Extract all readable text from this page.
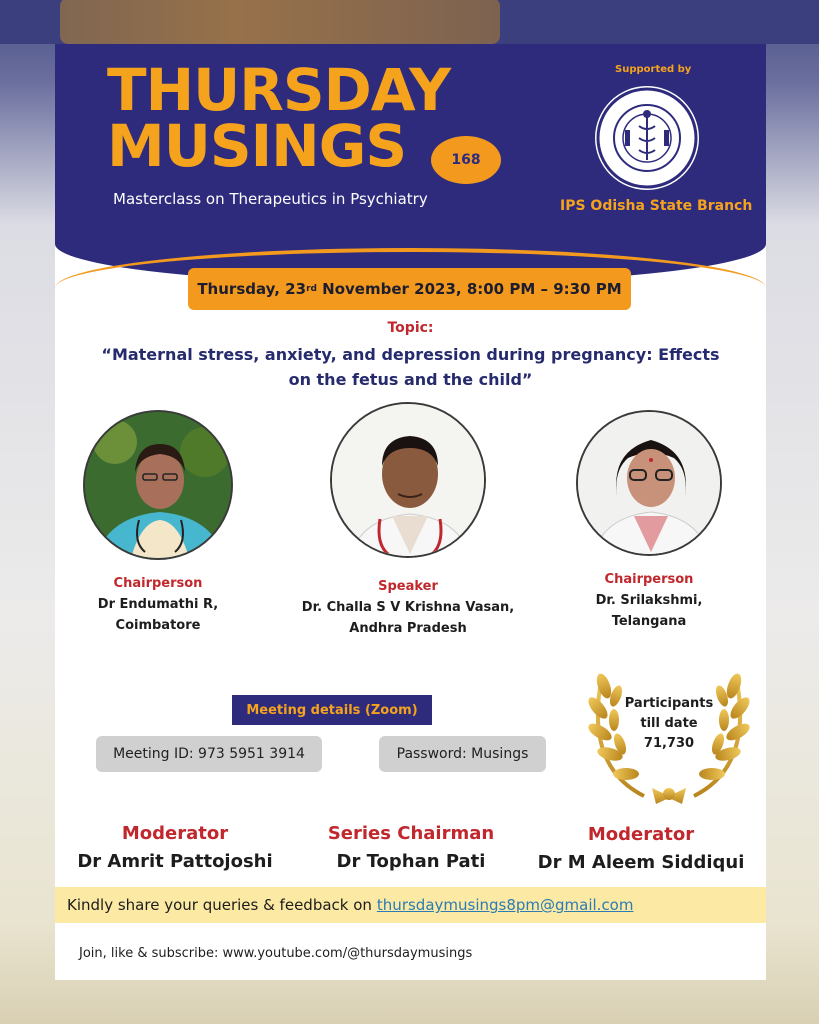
THURSDAY
MUSINGS	168
Masterclass on Therapeutics in Psychiatry
Supported by
IPS Odisha State Branch
Thursday, 23 rd November 2023, 8:00 PM – 9:30 PM
Topic:
“Maternal stress, anxiety, and depression during pregnancy: Effects
on the fetus and the child”
Chairperson
Dr Endumathi R,
Coimbatore
Speaker
Dr. Challa S V Krishna Vasan,
Andhra Pradesh
Chairperson
Dr. Srilakshmi,
Telangana
Meeting details (Zoom)
Meeting ID: 973 5951 3914	Password: Musings
Participants
till date
71,730
Moderator
Dr Amrit Pattojoshi
Series Chairman
Dr Tophan Pati
Moderator
Dr M Aleem Siddiqui
Kindly share your queries & feedback on thursdaymusings8pm@gmail.com
Join, like & subscribe: www.youtube.com/@thursdaymusings
